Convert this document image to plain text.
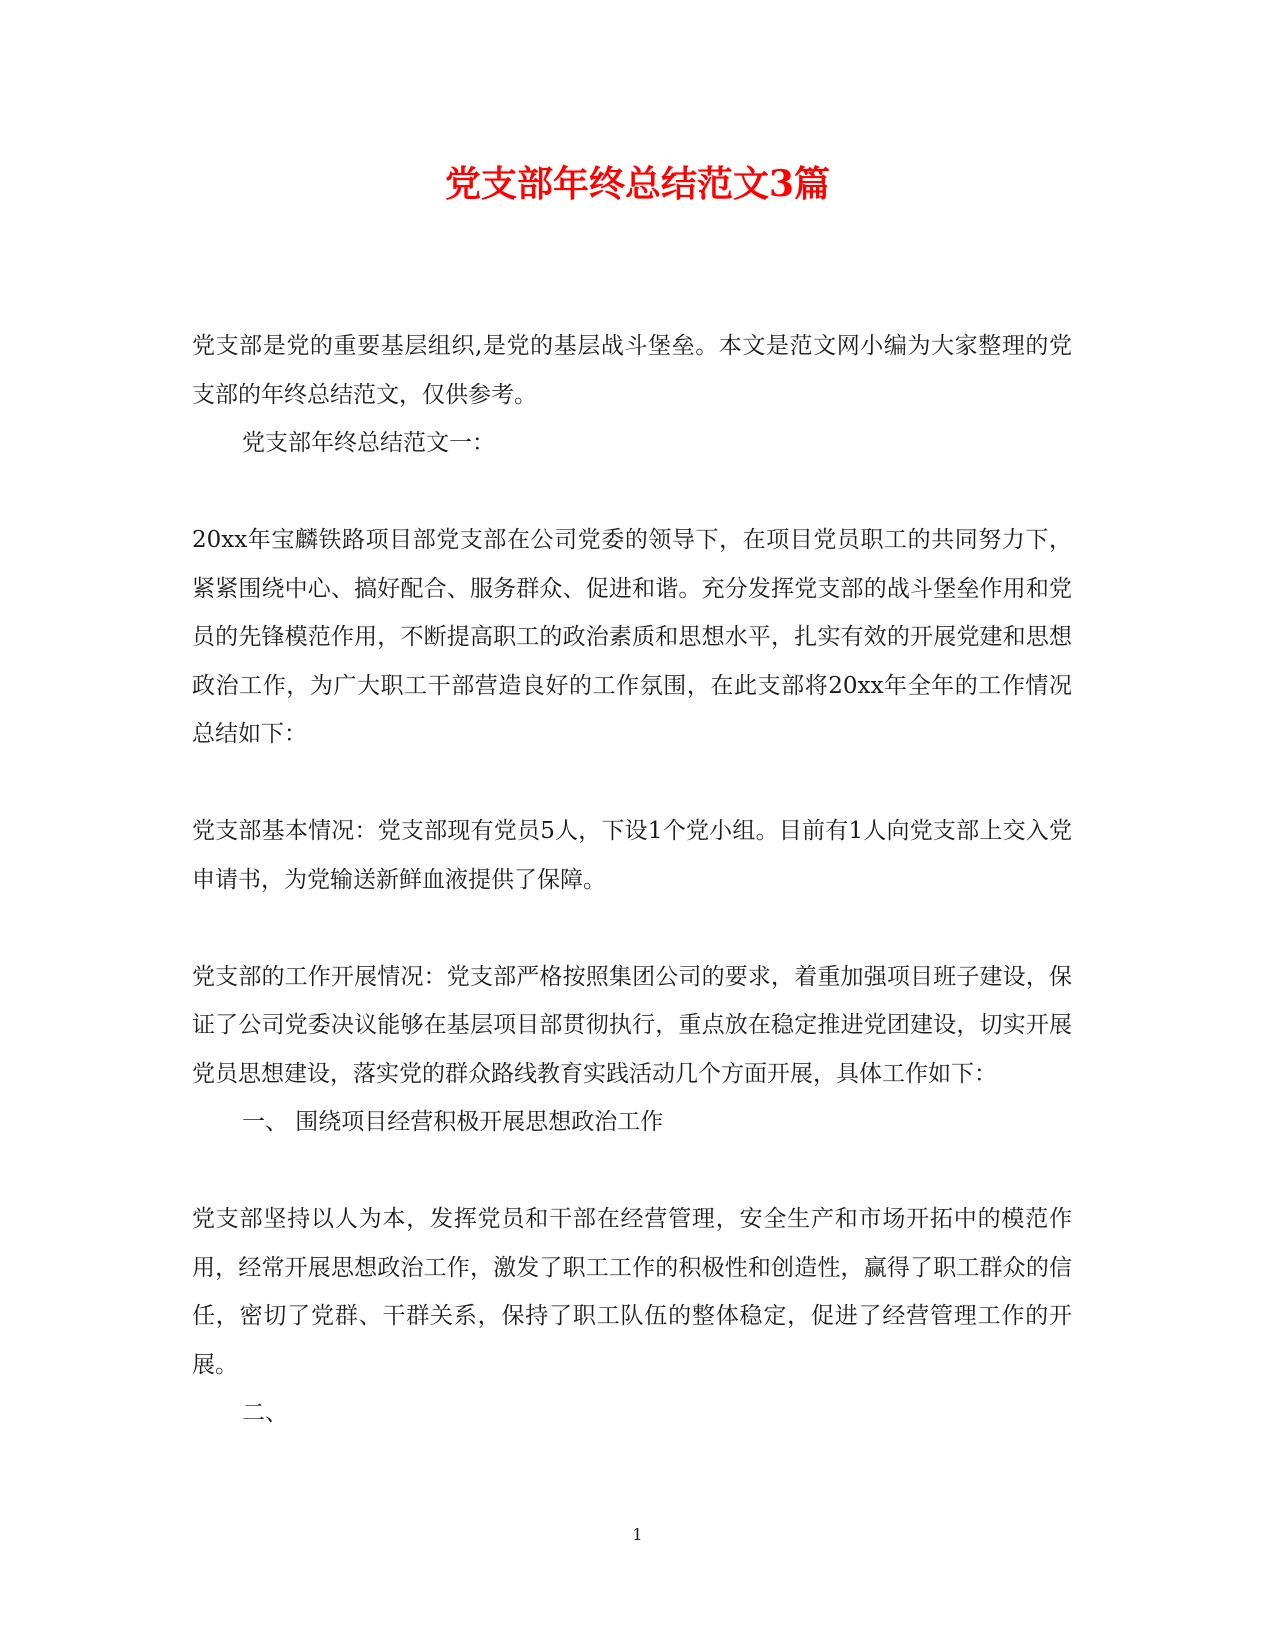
党支部年终总结范文3篇

党支部是党的重要基层组织,是党的基层战斗堡垒。本文是范文网小编为大家整理的党支部的年终总结范文，仅供参考。

党支部年终总结范文一：

20xx年宝麟铁路项目部党支部在公司党委的领导下，在项目党员职工的共同努力下，紧紧围绕中心、搞好配合、服务群众、促进和谐。充分发挥党支部的战斗堡垒作用和党员的先锋模范作用，不断提高职工的政治素质和思想水平，扎实有效的开展党建和思想政治工作，为广大职工干部营造良好的工作氛围，在此支部将20xx年全年的工作情况总结如下：

党支部基本情况：党支部现有党员5人，下设1个党小组。目前有1人向党支部上交入党申请书，为党输送新鲜血液提供了保障。

党支部的工作开展情况：党支部严格按照集团公司的要求，着重加强项目班子建设，保证了公司党委决议能够在基层项目部贯彻执行，重点放在稳定推进党团建设，切实开展党员思想建设，落实党的群众路线教育实践活动几个方面开展，具体工作如下：

一、 围绕项目经营积极开展思想政治工作

党支部坚持以人为本，发挥党员和干部在经营管理，安全生产和市场开拓中的模范作用，经常开展思想政治工作，激发了职工工作的积极性和创造性，赢得了职工群众的信任，密切了党群、干群关系，保持了职工队伍的整体稳定，促进了经营管理工作的开展。

二、

1
